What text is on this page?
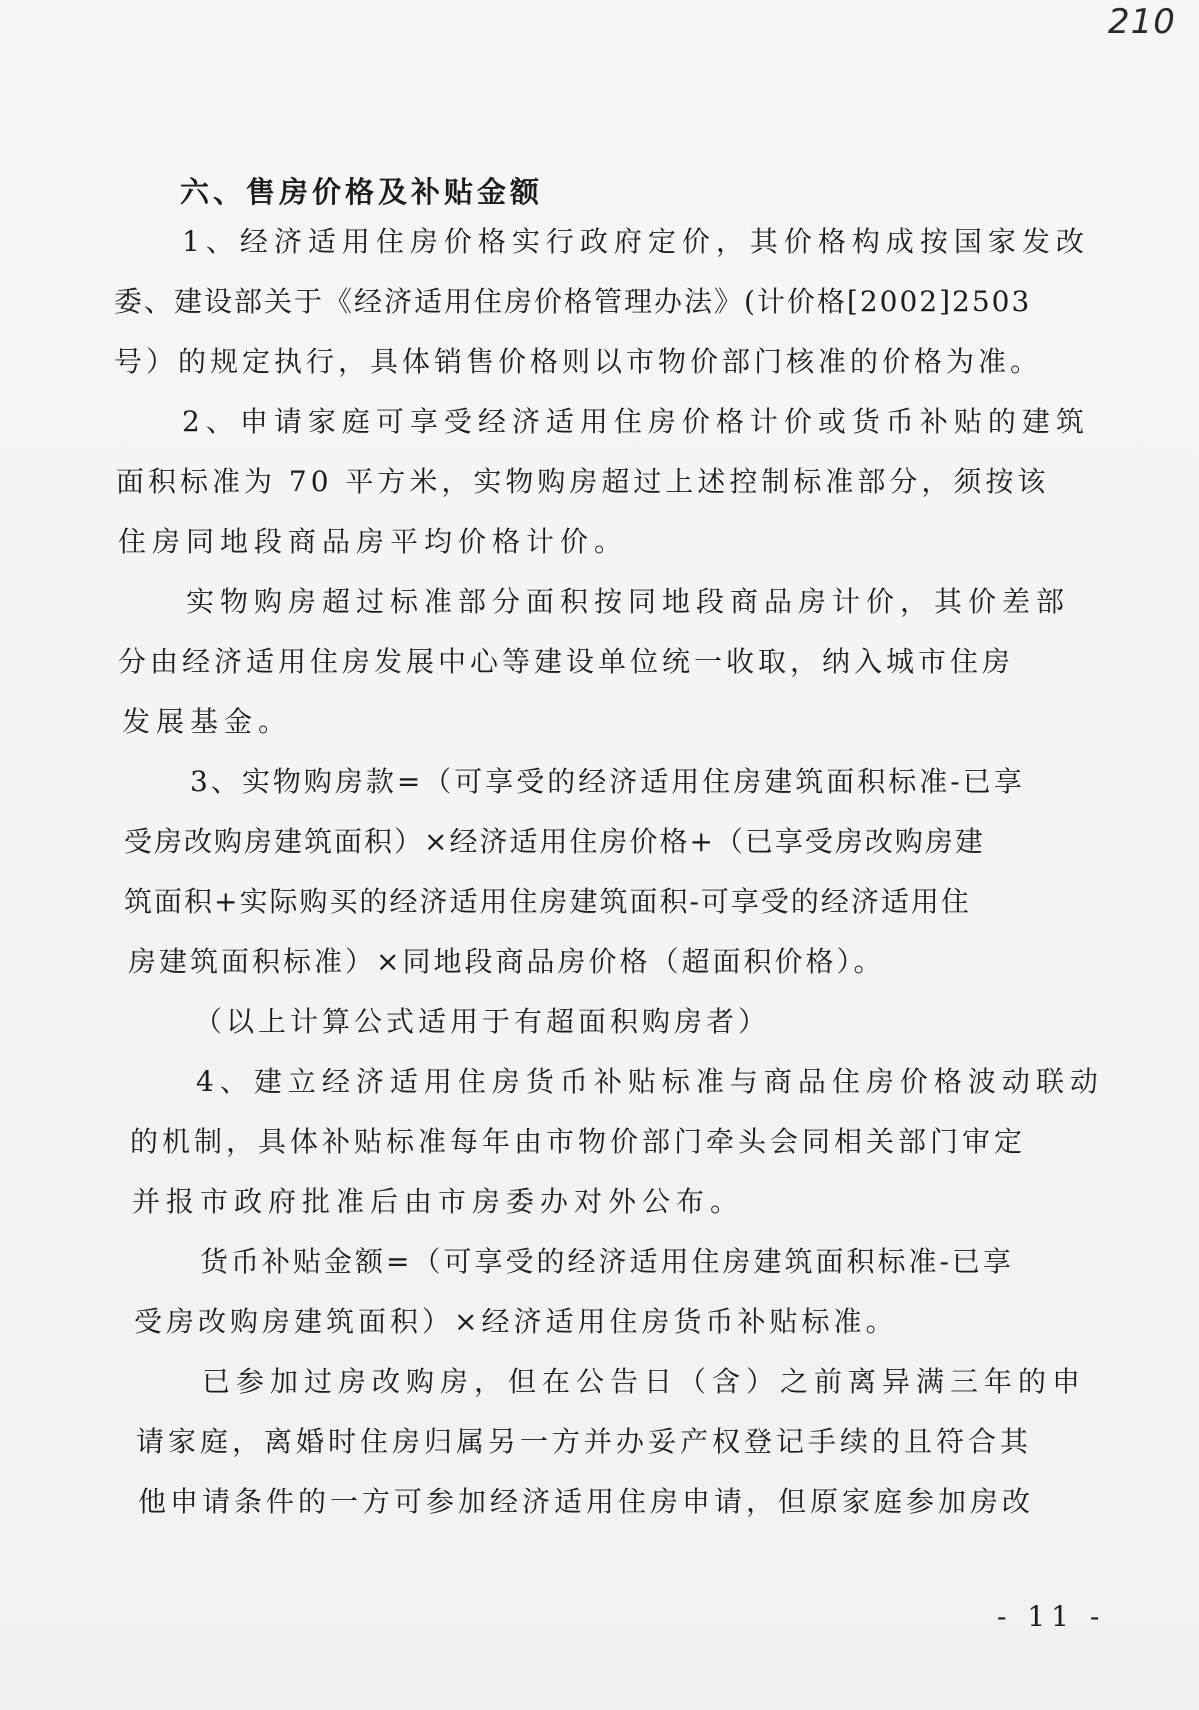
210
六、售房价格及补贴金额
1、经济适用住房价格实行政府定价，其价格构成按国家发改
委、建设部关于《经济适用住房价格管理办法》(计价格[2002]2503
号）的规定执行，具体销售价格则以市物价部门核准的价格为准。
2、申请家庭可享受经济适用住房价格计价或货币补贴的建筑
面积标准为 70 平方米，实物购房超过上述控制标准部分，须按该
住房同地段商品房平均价格计价。
实物购房超过标准部分面积按同地段商品房计价，其价差部
分由经济适用住房发展中心等建设单位统一收取，纳入城市住房
发展基金。
3、实物购房款=（可享受的经济适用住房建筑面积标准-已享
受房改购房建筑面积）×经济适用住房价格+（已享受房改购房建
筑面积+实际购买的经济适用住房建筑面积-可享受的经济适用住
房建筑面积标准）×同地段商品房价格（超面积价格）。
（以上计算公式适用于有超面积购房者）
4、建立经济适用住房货币补贴标准与商品住房价格波动联动
的机制，具体补贴标准每年由市物价部门牵头会同相关部门审定
并报市政府批准后由市房委办对外公布。
货币补贴金额=（可享受的经济适用住房建筑面积标准-已享
受房改购房建筑面积）×经济适用住房货币补贴标准。
已参加过房改购房，但在公告日（含）之前离异满三年的申
请家庭，离婚时住房归属另一方并办妥产权登记手续的且符合其
他申请条件的一方可参加经济适用住房申请，但原家庭参加房改
- 11 -
